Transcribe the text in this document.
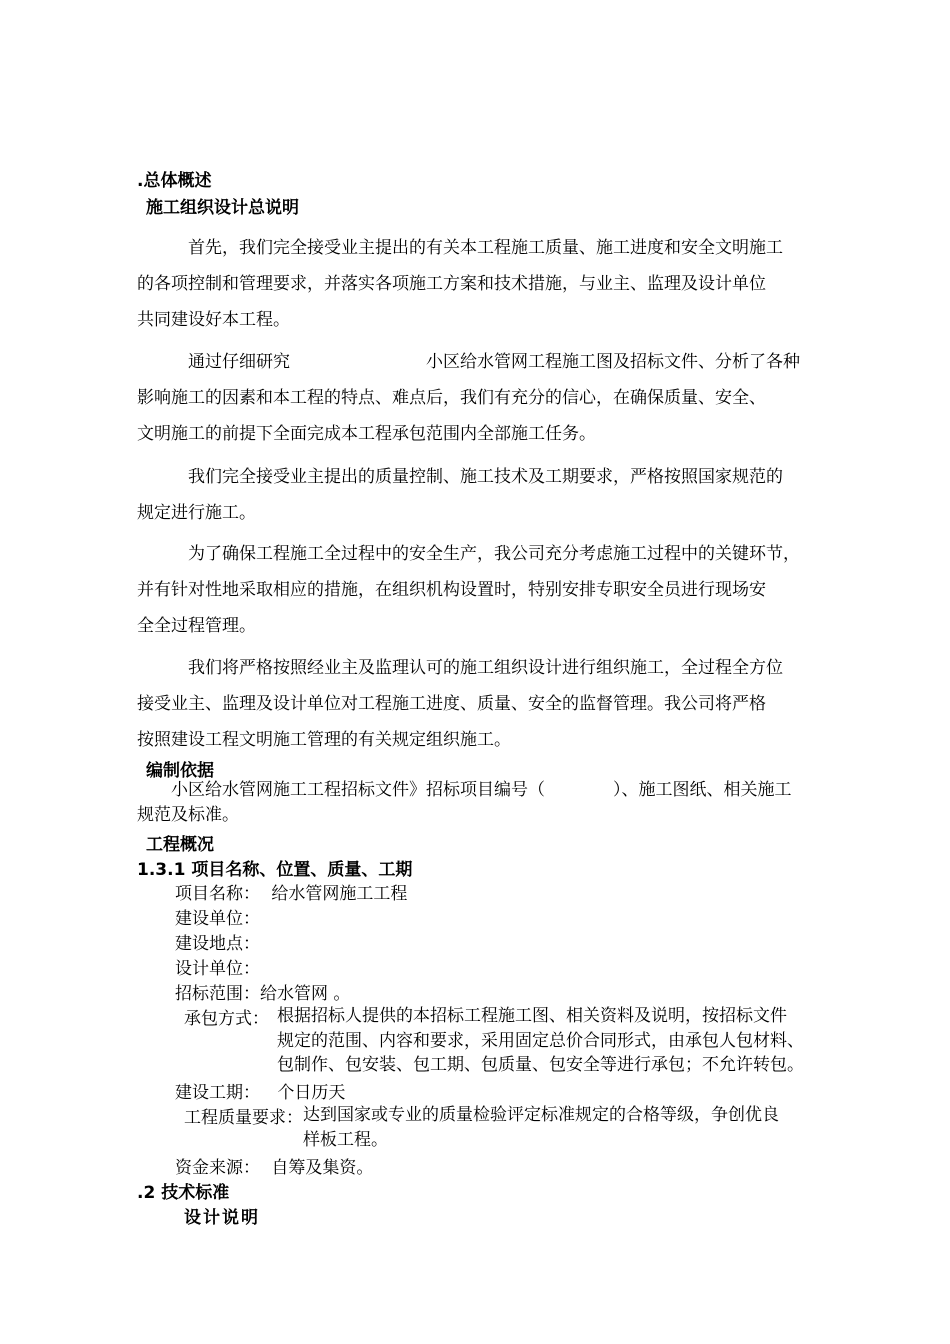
.总体概述
施工组织设计总说明
首先，我们完全接受业主提出的有关本工程施工质量、施工进度和安全文明施工
的各项控制和管理要求，并落实各项施工方案和技术措施，与业主、监理及设计单位
共同建设好本工程。
通过仔细研究	小区给水管网工程施工图及招标文件、分析了各种
影响施工的因素和本工程的特点、难点后，我们有充分的信心，在确保质量、安全、
文明施工的前提下全面完成本工程承包范围内全部施工任务。
我们完全接受业主提出的质量控制、施工技术及工期要求，严格按照国家规范的
规定进行施工。
为了确保工程施工全过程中的安全生产，我公司充分考虑施工过程中的关键环节，
并有针对性地采取相应的措施，在组织机构设置时，特别安排专职安全员进行现场安
全全过程管理。
我们将严格按照经业主及监理认可的施工组织设计进行组织施工，全过程全方位
接受业主、监理及设计单位对工程施工进度、质量、安全的监督管理。我公司将严格
按照建设工程文明施工管理的有关规定组织施工。
编制依据
小区给水管网施工工程招标文件》招标项目编号（	）、施工图纸、相关施工
规范及标准。
工程概况
1.3.1 项目名称、位置、质量、工期
项目名称： 给水管网施工工程
建设单位：
建设地点：
设计单位：
招标范围：给水管网 。
承包方式： 根据招标人提供的本招标工程施工图、相关资料及说明，按招标文件
规定的范围、内容和要求，采用固定总价合同形式，由承包人包材料、
包制作、包安装、包工期、包质量、包安全等进行承包；不允许转包。
建设工期： 个日历天
工程质量要求： 达到国家或专业的质量检验评定标准规定的合格等级，争创优良
样板工程。
资金来源： 自筹及集资。
.2 技术标准
设计说明
